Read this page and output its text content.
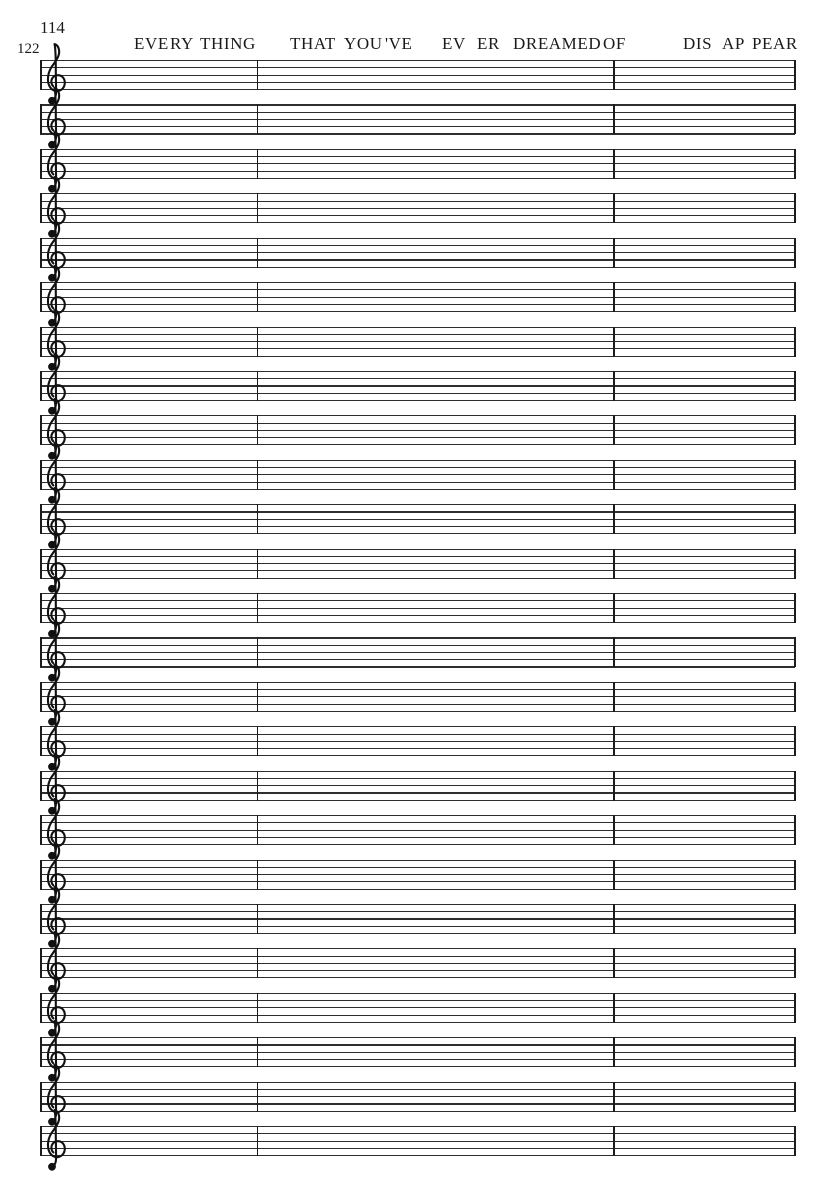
114
122	EVE RY THING THAT YOU 'VE EV ER DREAMED OF	DIS AP PEAR
